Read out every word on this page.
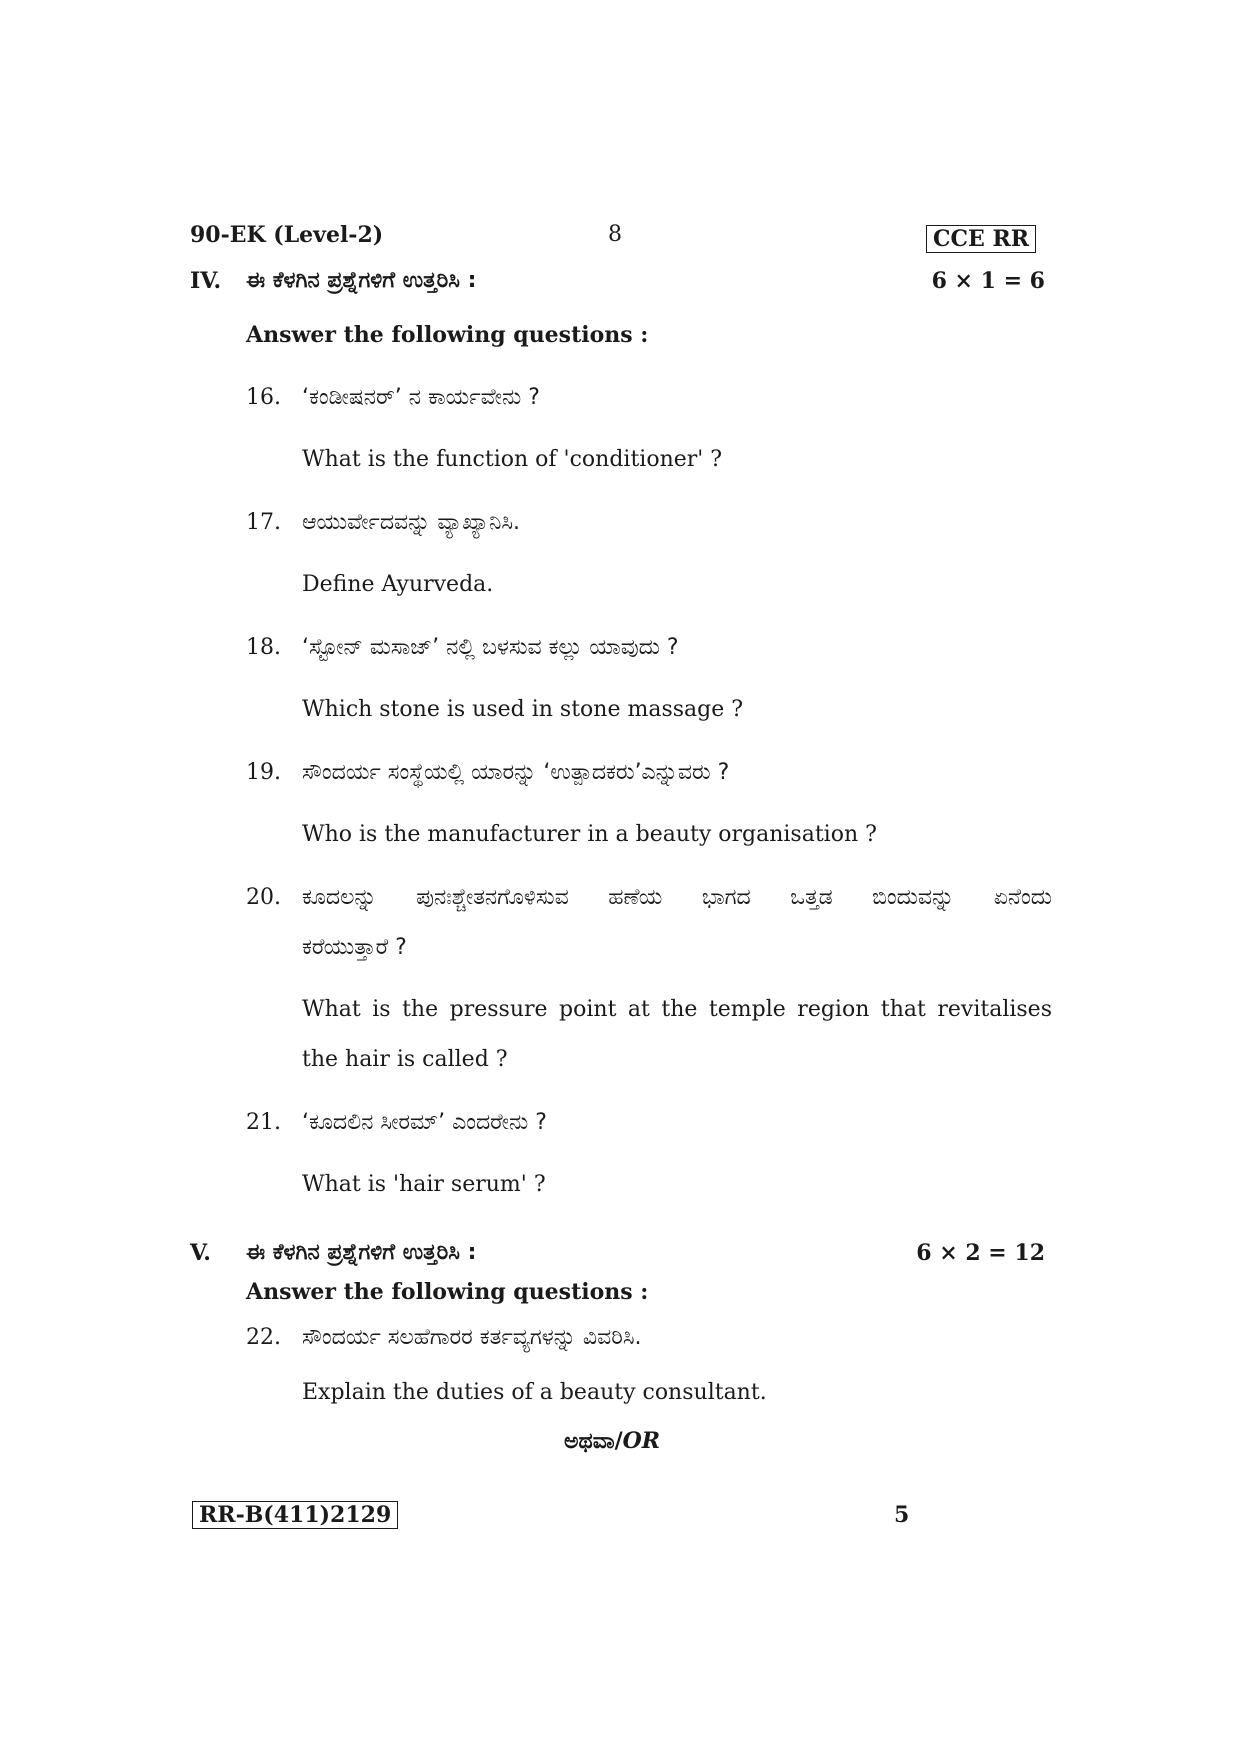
90-EK (Level-2)	8	CCE RR
IV. ಈ ಕೆಳಗಿನ ಪ್ರಶ್ನೆಗಳಿಗೆ ಉತ್ತರಿಸಿ :	6 × 1 = 6
Answer the following questions :
16. ‘ಕಂಡೀಷನರ್’ ನ ಕಾರ್ಯವೇನು ?
What is the function of 'conditioner' ?
17. ಆಯುರ್ವೇದವನ್ನು ವ್ಯಾಖ್ಯಾನಿಸಿ.
Define Ayurveda.
18. ‘ಸ್ಟೋನ್ ಮಸಾಜ್’ ನಲ್ಲಿ ಬಳಸುವ ಕಲ್ಲು ಯಾವುದು ?
Which stone is used in stone massage ?
19. ಸೌಂದರ್ಯ ಸಂಸ್ಥೆಯಲ್ಲಿ ಯಾರನ್ನು ‘ಉತ್ಪಾದಕರು’ಎನ್ನುವರು ?
Who is the manufacturer in a beauty organisation ?
20. ಕೂದಲನ್ನು ಪುನಃಶ್ಚೇತನಗೊಳಿಸುವ ಹಣೆಯ ಭಾಗದ ಒತ್ತಡ ಬಿಂದುವನ್ನು ಏನೆಂದು
ಕರೆಯುತ್ತಾರೆ ?
What is the pressure point at the temple region that revitalises
the hair is called ?
21. ‘ಕೂದಲಿನ ಸೀರಮ್’ ಎಂದರೇನು ?
What is 'hair serum' ?
V. ಈ ಕೆಳಗಿನ ಪ್ರಶ್ನೆಗಳಿಗೆ ಉತ್ತರಿಸಿ :	6 × 2 = 12
Answer the following questions :
22. ಸೌಂದರ್ಯ ಸಲಹೆಗಾರರ ಕರ್ತವ್ಯಗಳನ್ನು ವಿವರಿಸಿ.
Explain the duties of a beauty consultant.
ಅಥವಾ/OR
RR-B(411)2129	5
